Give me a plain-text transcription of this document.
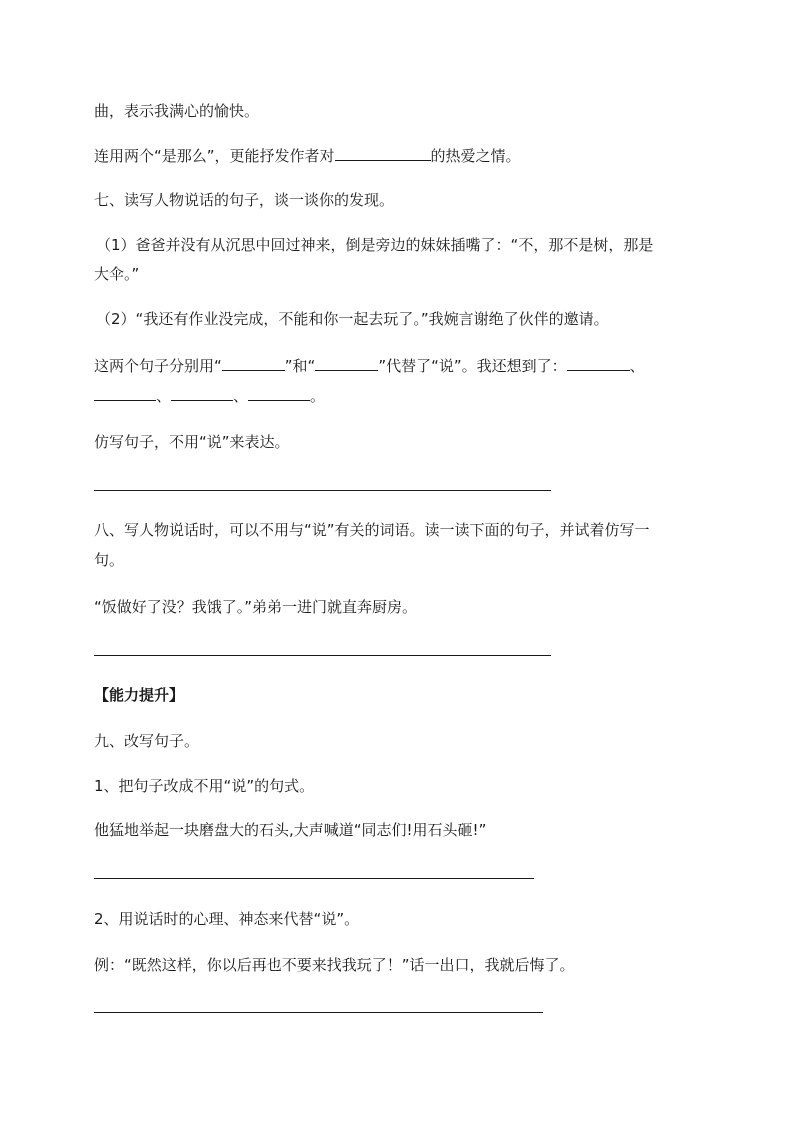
曲，表示我满心的愉快。
连用两个“是那么”，更能抒发作者对	的热爱之情。
七、读写人物说话的句子，谈一谈你的发现。
（1）爸爸并没有从沉思中回过神来，倒是旁边的妹妹插嘴了：“不，那不是树，那是
大伞。”
（2）“我还有作业没完成，不能和你一起去玩了。”我婉言谢绝了伙伴的邀请。
这两个句子分别用“	”和“	”代替了“说”。我还想到了：	、
、	、	。
仿写句子，不用“说”来表达。
八、写人物说话时，可以不用与“说”有关的词语。读一读下面的句子，并试着仿写一
句。
“饭做好了没？我饿了。”弟弟一进门就直奔厨房。
【能力提升】
九、改写句子。
1、把句子改成不用“说”的句式。
他猛地举起一块磨盘大的石头,大声喊道“同志们!用石头砸!”
2、用说话时的心理、神态来代替“说”。
例：“既然这样，你以后再也不要来找我玩了！”话一出口，我就后悔了。
